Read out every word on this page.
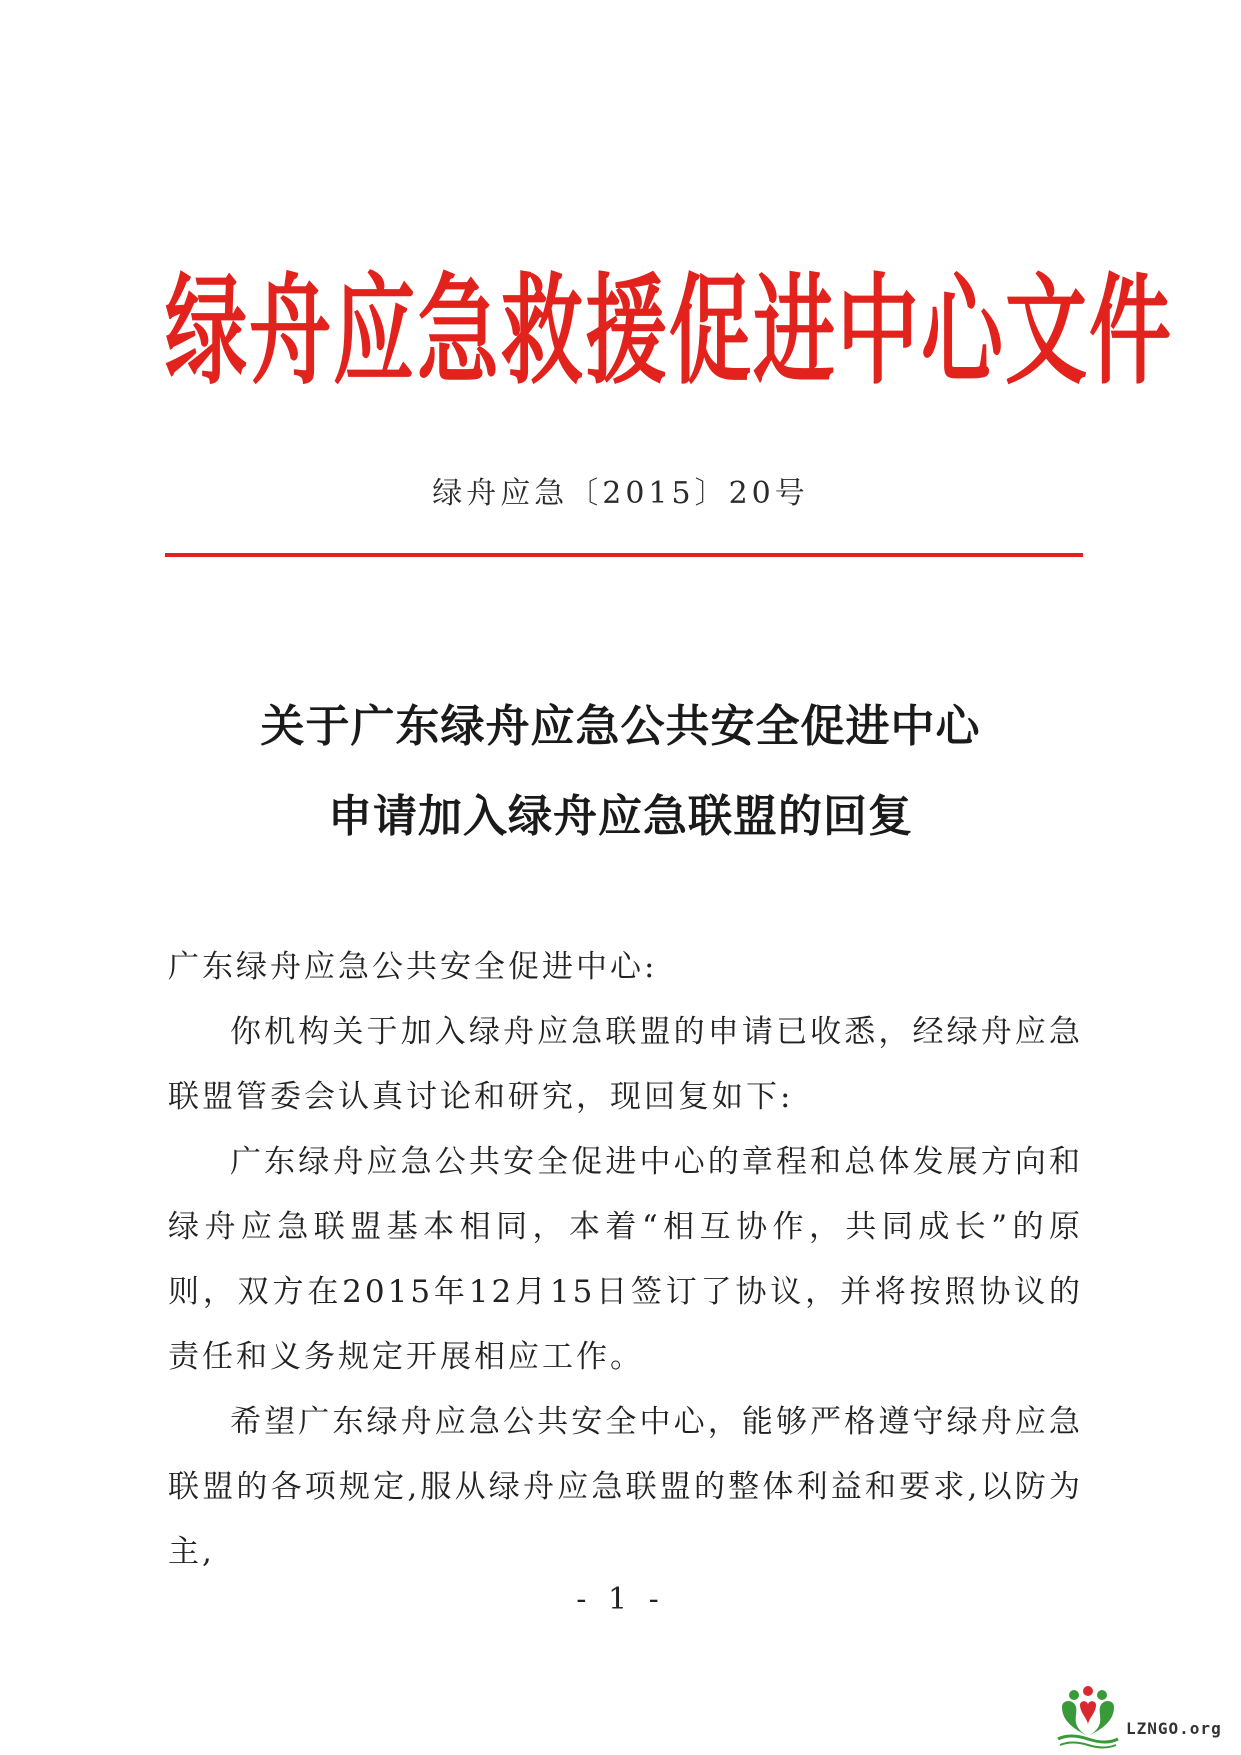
绿舟应急救援促进中心文件
绿舟应急〔2015〕20号
关于广东绿舟应急公共安全促进中心
申请加入绿舟应急联盟的回复

广东绿舟应急公共安全促进中心:

你机构关于加入绿舟应急联盟的申请已收悉，经绿舟应急联盟管委会认真讨论和研究，现回复如下:

广东绿舟应急公共安全促进中心的章程和总体发展方向和绿舟应急联盟基本相同，本着“相互协作，共同成长”的原则，双方在2015年12月15日签订了协议，并将按照协议的责任和义务规定开展相应工作。

希望广东绿舟应急公共安全中心，能够严格遵守绿舟应急联盟的各项规定,服从绿舟应急联盟的整体利益和要求,以防为主,

- 1 -
LZNGO.org
